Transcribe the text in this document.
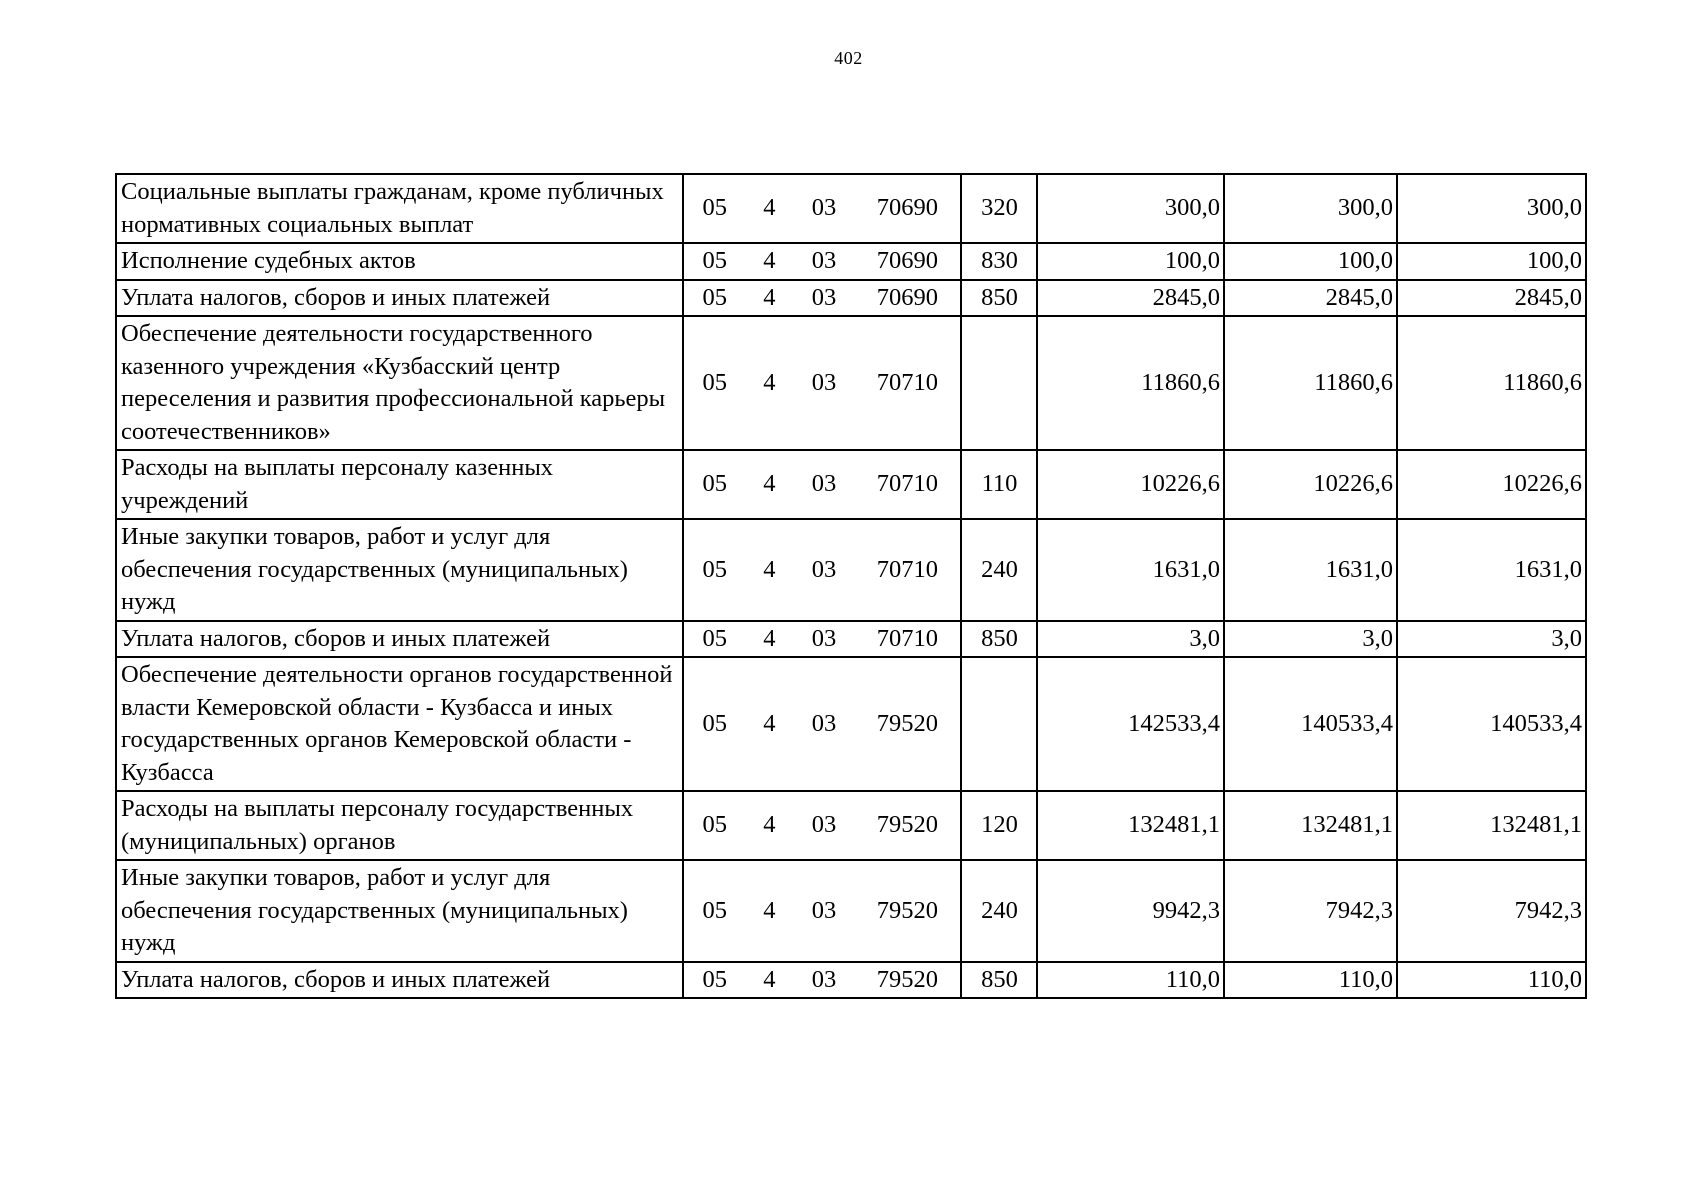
402
Социальные выплаты гражданам, кроме публичных нормативных социальных выплат	05 4 03 70690	320	300,0	300,0	300,0
Исполнение судебных актов	05 4 03 70690	830	100,0	100,0	100,0
Уплата налогов, сборов и иных платежей	05 4 03 70690	850	2845,0	2845,0	2845,0
Обеспечение деятельности государственного казенного учреждения «Кузбасский центр переселения и развития профессиональной карьеры соотечественников»	05 4 03 70710		11860,6	11860,6	11860,6
Расходы на выплаты персоналу казенных учреждений	05 4 03 70710	110	10226,6	10226,6	10226,6
Иные закупки товаров, работ и услуг для обеспечения государственных (муниципальных) нужд	05 4 03 70710	240	1631,0	1631,0	1631,0
Уплата налогов, сборов и иных платежей	05 4 03 70710	850	3,0	3,0	3,0
Обеспечение деятельности органов государственной власти Кемеровской области - Кузбасса и иных государственных органов Кемеровской области - Кузбасса	05 4 03 79520		142533,4	140533,4	140533,4
Расходы на выплаты персоналу государственных (муниципальных) органов	05 4 03 79520	120	132481,1	132481,1	132481,1
Иные закупки товаров, работ и услуг для обеспечения государственных (муниципальных) нужд	05 4 03 79520	240	9942,3	7942,3	7942,3
Уплата налогов, сборов и иных платежей	05 4 03 79520	850	110,0	110,0	110,0
